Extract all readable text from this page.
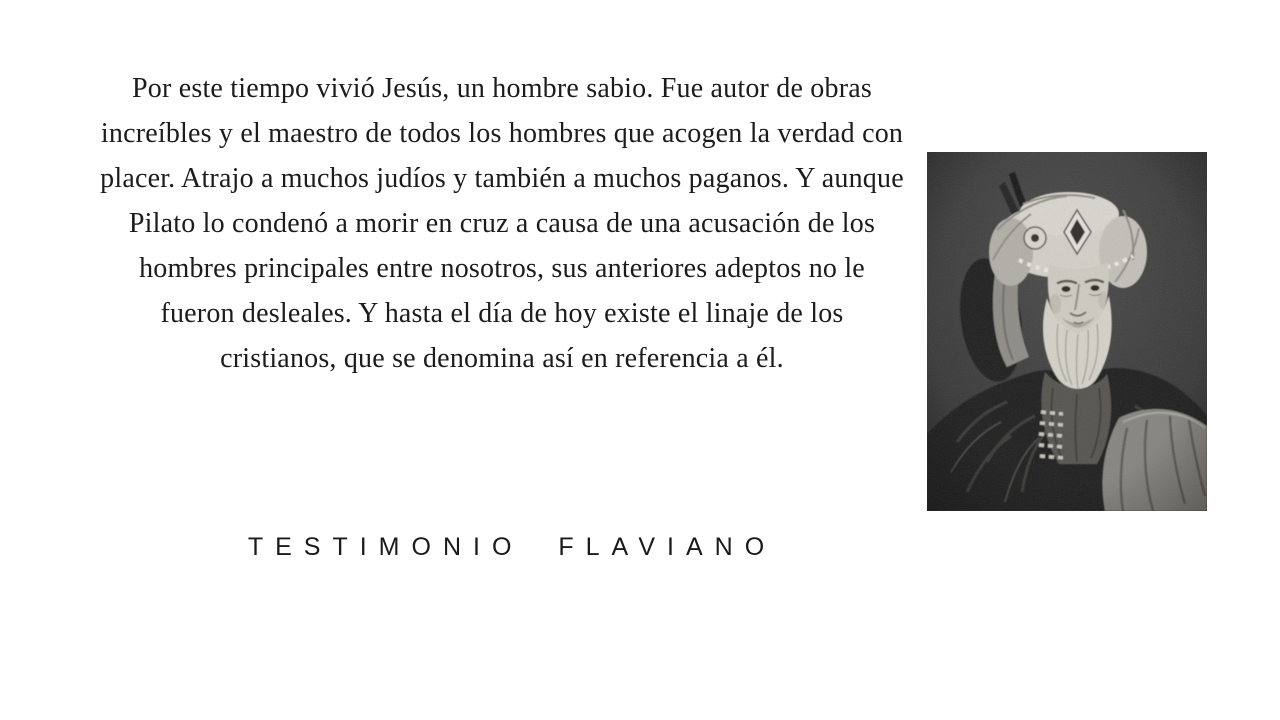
Por este tiempo vivió Jesús, un hombre sabio. Fue autor de obras increíbles y el maestro de todos los hombres que acogen la verdad con placer. Atrajo a muchos judíos y también a muchos paganos. Y aunque Pilato lo condenó a morir en cruz a causa de una acusación de los hombres principales entre nosotros, sus anteriores adeptos no le fueron desleales. Y hasta el día de hoy existe el linaje de los cristianos, que se denomina así en referencia a él.

TESTIMONIO FLAVIANO
